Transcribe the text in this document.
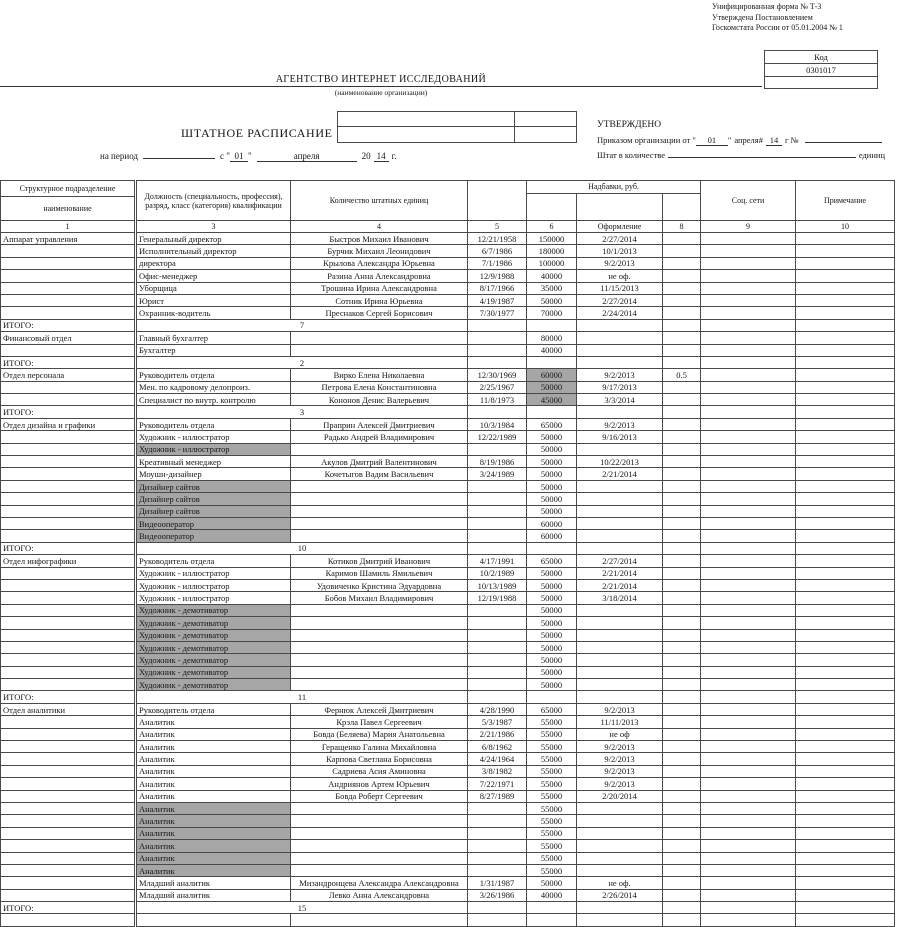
Унифицированная форма № Т-3
Утверждена Постановлением
Госкомстата России от 05.01.2004 № 1
Код
0301017
АГЕНТСТВО ИНТЕРНЕТ ИССЛЕДОВАНИЙ
(наименование организации)
ШТАТНОЕ РАСПИСАНИЕ
УТВЕРЖДЕНО
Приказом организации от "	01	" апреля# 14 г №
Штат в количестве	единиц
на период	с " 01 "	апреля	20 14 г.
Структурное подразделение
наименование	Должность (специальность, профессия), разряд, класс (категория) квалификации	Количество штатных единиц		Надбавки, руб.			Соц. сети	Примечание
1	3	4	5	6	Оформление	8	9	10
Аппарат управления	Генеральный директор	Быстров Михаил Иванович	12/21/1958	150000	2/27/2014			
	Исполнительный директор	Бурчик Михаил Леонидович	6/7/1986	180000	10/1/2013			
	директора	Крылова Александра Юрьевна	7/1/1986	100000	9/2/2013			
	Офис-менеджер	Разина Анна Александровна	12/9/1988	40000	не оф.			
	Уборщица	Трошина Ирина Александровна	8/17/1966	35000	11/15/2013			
	Юрист	Сотник Ирина Юрьевна	4/19/1987	50000	2/27/2014			
	Охранник-водитель	Преснаков Сергей Борисович	7/30/1977	70000	2/24/2014			
ИТОГО:	7							
Финансовый отдел	Главный бухгалтер			80000				
	Бухгалтер			40000				
ИТОГО:	2							
Отдел персонала	Руководитель отдела	Вирко Елена Николаевна	12/30/1969	60000	9/2/2013	0.5		
	Мен. по кадровому делопроиз.	Петрова Елена Константиновна	2/25/1967	50000	9/17/2013			
	Специалист по внутр. контролю	Кононов Денис Валерьевич	11/8/1973	45000	3/3/2014			
ИТОГО:	3							
Отдел дизайна и графики	Руководитель отдела	Праприн Алексей Дмитриевич	10/3/1984	65000	9/2/2013			
	Художник - иллюстратор	Радько Андрей Владимирович	12/22/1989	50000	9/16/2013			
	Художник - иллюстратор			50000				
	Креативный менеджер	Акулов Дмитрий Валентинович	8/19/1986	50000	10/22/2013			
	Моушн-дизайнер	Кочетыгов Вадим Васильевич	3/24/1989	50000	2/21/2014			
	Дизайнер сайтов			50000				
	Дизайнер сайтов			50000				
	Дизайнер сайтов			50000				
	Видеооператор			60000				
	Видеооператор			60000				
ИТОГО:	10							
Отдел инфографики	Руководитель отдела	Котиков Дмитрий Иванович	4/17/1991	65000	2/27/2014			
	Художник - иллюстратор	Каримов Шамиль Ямильевич	10/2/1989	50000	2/21/2014			
	Художник - иллюстратор	Удовиченко Кристина Эдуардовна	10/13/1989	50000	2/21/2014			
	Художник - иллюстратор	Бобов Михаил Владимирович	12/19/1988	50000	3/18/2014			
	Художник - демотиватор			50000				
	Художник - демотиватор			50000				
	Художник - демотиватор			50000				
	Художник - демотиватор			50000				
	Художник - демотиватор			50000				
	Художник - демотиватор			50000				
	Художник - демотиватор			50000				
ИТОГО:	11							
Отдел аналитики	Руководитель отдела	Фернюк Алексей Дмитриевич	4/28/1990	65000	9/2/2013			
	Аналитик	Крэла Павел Сергеевич	5/3/1987	55000	11/11/2013			
	Аналитик	Бовда (Беляева) Мария Анатольевна	2/21/1986	55000	не оф			
	Аналитик	Геращенко Галина Михайловна	6/8/1962	55000	9/2/2013			
	Аналитик	Карпова Светлана Борисовна	4/24/1964	55000	9/2/2013			
	Аналитик	Садриева Асия Аминовна	3/8/1982	55000	9/2/2013			
	Аналитик	Андриянов Артем Юрьевич	7/22/1971	55000	9/2/2013			
	Аналитик	Бовда Роберт Сергеевич	8/27/1989	55000	2/20/2014			
	Аналитик			55000				
	Аналитик			55000				
	Аналитик			55000				
	Аналитик			55000				
	Аналитик			55000				
	Аналитик			55000				
	Младший аналитик	Мизандронцева Александра Александровна	1/31/1987	50000	не оф.			
	Младший аналитик	Левко Анна Александровна	3/26/1986	40000	2/26/2014			
ИТОГО:	15							
